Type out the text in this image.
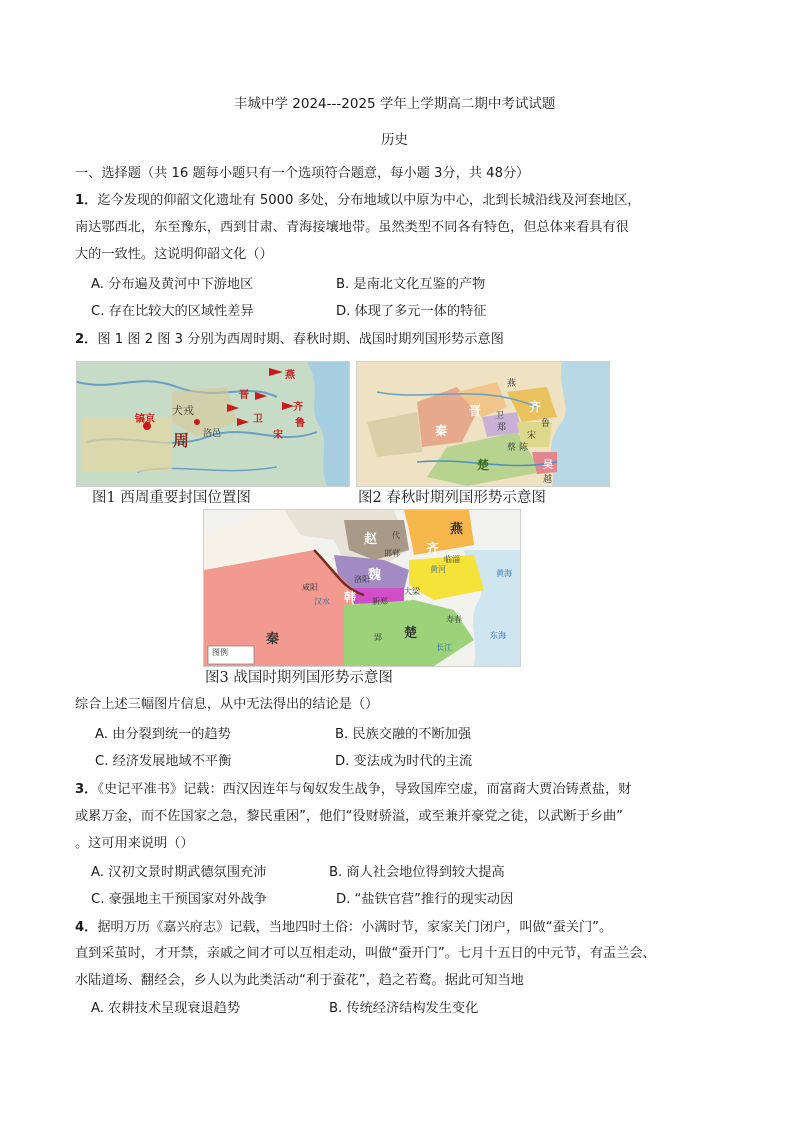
丰城中学 2024---2025 学年上学期高二期中考试试题
历史
一、选择题（共 16 题每小题只有一个选项符合题意，每小题 3分，共 48分）
1．迄今发现的仰韶文化遗址有 5000 多处，分布地域以中原为中心，北到长城沿线及河套地区，
南达鄂西北，东至豫东，西到甘肃、青海接壤地带。虽然类型不同各有特色，但总体来看具有很
大的一致性。这说明仰韶文化（）
A. 分布遍及黄河中下游地区	B. 是南北文化互鉴的产物
C. 存在比较大的区域性差异	D. 体现了多元一体的特征
2．图 1 图 2 图 3 分别为西周时期、春秋时期、战国时期列国形势示意图
燕
犬戎
镐京
周 洛邑
鲁
齐
晋
卫
宋
晋
秦
齐
楚
郑
燕
卫
宋
鲁
吴
越
蔡 陈
图1 西周重要封国位置图	图2 春秋时期列国形势示意图
燕
赵
魏
齐
韩
秦	楚
代
邯郸
临淄
黄河
洛阳
新郑
大梁
郢
咸阳
汉水
长江
黄海
东海
寿春
图例
图3 战国时期列国形势示意图
综合上述三幅图片信息，从中无法得出的结论是（）
A. 由分裂到统一的趋势	B. 民族交融的不断加强
C. 经济发展地域不平衡	D. 变法成为时代的主流
3．《史记平准书》记载：西汉因连年与匈奴发生战争，导致国库空虚，而富商大贾冶铸煮盐，财
或累万金，而不佐国家之急，黎民重困”，他们“役财骄溢，或至兼并豪党之徒，以武断于乡曲”
。这可用来说明（）
A. 汉初文景时期武德氛围充沛	B. 商人社会地位得到较大提高
C. 豪强地主干预国家对外战争	D. “盐铁官营”推行的现实动因
4．据明万历《嘉兴府志》记载，当地四时土俗：小满时节，家家关门闭户，叫做“蚕关门”。
直到采茧时，才开禁，亲戚之间才可以互相走动，叫做“蚕开门”。七月十五日的中元节，有盂兰会、
水陆道场、翻经会，乡人以为此类活动“利于蚕花”，趋之若鹜。据此可知当地
A. 农耕技术呈现衰退趋势	B. 传统经济结构发生变化
